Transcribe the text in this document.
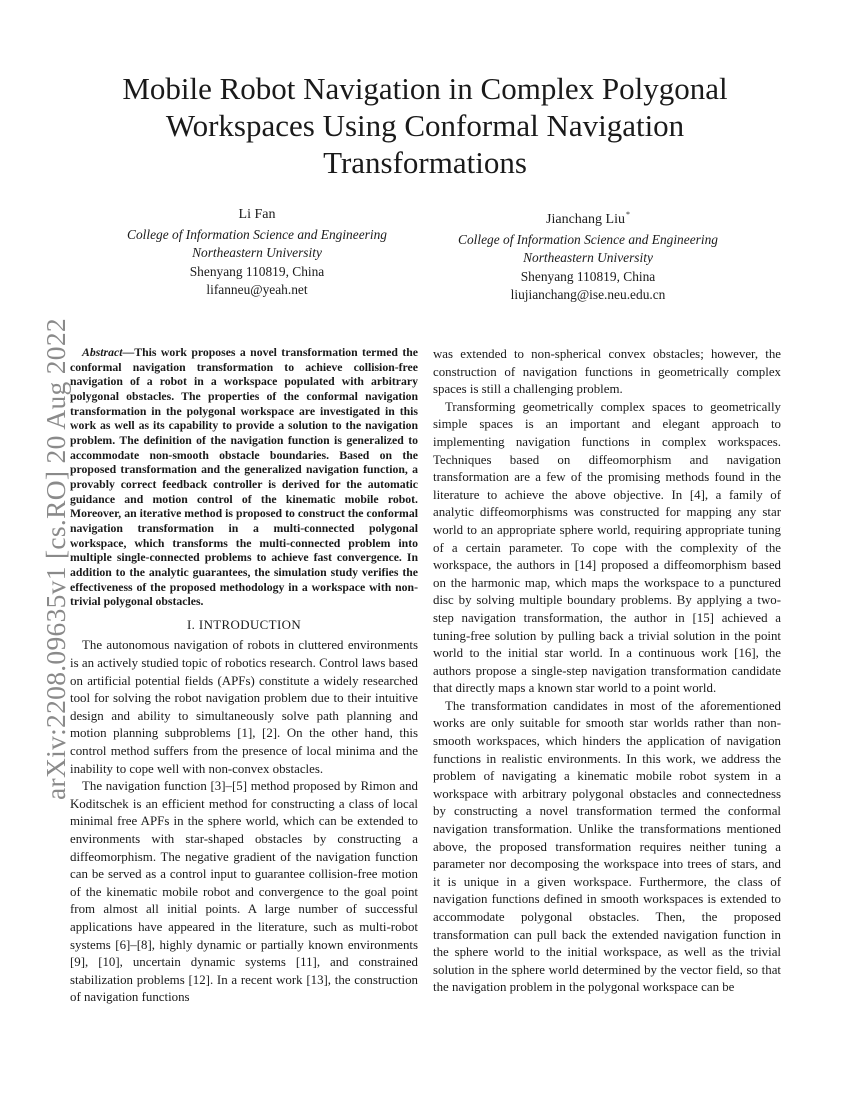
arXiv:2208.09635v1 [cs.RO] 20 Aug 2022
Mobile Robot Navigation in Complex Polygonal
Workspaces Using Conformal Navigation
Transformations
Li Fan
College of Information Science and Engineering
Northeastern University
Shenyang 110819, China
lifanneu@yeah.net
Jianchang Liu*
College of Information Science and Engineering
Northeastern University
Shenyang 110819, China
liujianchang@ise.neu.edu.cn

Abstract—This work proposes a novel transformation termed the conformal navigation transformation to achieve collision-free navigation of a robot in a workspace populated with arbitrary polygonal obstacles. The properties of the conformal navigation transformation in the polygonal workspace are investigated in this work as well as its capability to provide a solution to the navigation problem. The definition of the navigation function is generalized to accommodate non-smooth obstacle boundaries. Based on the proposed transformation and the generalized navigation function, a provably correct feedback controller is derived for the automatic guidance and motion control of the kinematic mobile robot. Moreover, an iterative method is proposed to construct the conformal navigation transformation in a multi-connected polygonal workspace, which transforms the multi-connected problem into multiple single-connected problems to achieve fast convergence. In addition to the analytic guarantees, the simulation study verifies the effectiveness of the proposed methodology in a workspace with non-trivial polygonal obstacles.

I. INTRODUCTION

The autonomous navigation of robots in cluttered environments is an actively studied topic of robotics research. Control laws based on artificial potential fields (APFs) constitute a widely researched tool for solving the robot navigation problem due to their intuitive design and ability to simultaneously solve path planning and motion planning subproblems [1], [2]. On the other hand, this control method suffers from the presence of local minima and the inability to cope well with non-convex obstacles.

The navigation function [3]–[5] method proposed by Rimon and Koditschek is an efficient method for constructing a class of local minimal free APFs in the sphere world, which can be extended to environments with star-shaped obstacles by constructing a diffeomorphism. The negative gradient of the navigation function can be served as a control input to guarantee collision-free motion of the kinematic mobile robot and convergence to the goal point from almost all initial points. A large number of successful applications have appeared in the literature, such as multi-robot systems [6]–[8], highly dynamic or partially known environments [9], [10], uncertain dynamic systems [11], and constrained stabilization problems [12]. In a recent work [13], the construction of navigation functions

was extended to non-spherical convex obstacles; however, the construction of navigation functions in geometrically complex spaces is still a challenging problem.

Transforming geometrically complex spaces to geometrically simple spaces is an important and elegant approach to implementing navigation functions in complex workspaces. Techniques based on diffeomorphism and navigation transformation are a few of the promising methods found in the literature to achieve the above objective. In [4], a family of analytic diffeomorphisms was constructed for mapping any star world to an appropriate sphere world, requiring appropriate tuning of a certain parameter. To cope with the complexity of the workspace, the authors in [14] proposed a diffeomorphism based on the harmonic map, which maps the workspace to a punctured disc by solving multiple boundary problems. By applying a two-step navigation transformation, the author in [15] achieved a tuning-free solution by pulling back a trivial solution in the point world to the initial star world. In a continuous work [16], the authors propose a single-step navigation transformation candidate that directly maps a known star world to a point world.

The transformation candidates in most of the aforementioned works are only suitable for smooth star worlds rather than non-smooth workspaces, which hinders the application of navigation functions in realistic environments. In this work, we address the problem of navigating a kinematic mobile robot system in a workspace with arbitrary polygonal obstacles and connectedness by constructing a novel transformation termed the conformal navigation transformation. Unlike the transformations mentioned above, the proposed transformation requires neither tuning a parameter nor decomposing the workspace into trees of stars, and it is unique in a given workspace. Furthermore, the class of navigation functions defined in smooth workspaces is extended to accommodate polygonal obstacles. Then, the proposed transformation can pull back the extended navigation function in the sphere world to the initial workspace, as well as the trivial solution in the sphere world determined by the vector field, so that the navigation problem in the polygonal workspace can be
